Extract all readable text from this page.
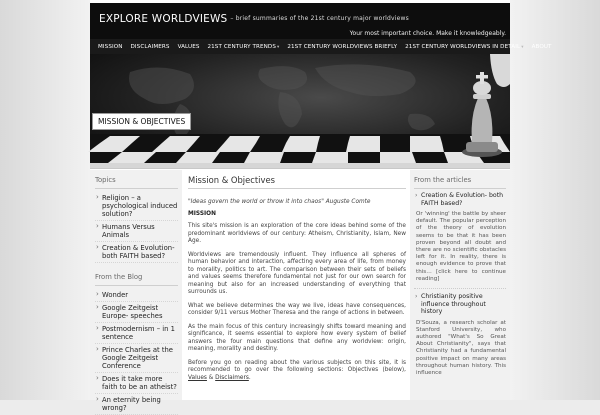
EXPLORE WORLDVIEWS – brief summaries of the 21st century major worldviews
Your most important choice. Make it knowledgeably.
MISSION	DISCLAIMERS	VALUES	21ST CENTURY TRENDS▾	21ST CENTURY WORLDVIEWS BRIEFLY	21ST CENTURY WORLDVIEWS IN DETAIL▾	ABOUT
MISSION & OBJECTIVES
Topics
› Religion – a psychological induced solution?
› Humans Versus Animals
› Creation & Evolution- both FAITH based?
From the Blog
› Wonder
› Google Zeitgeist Europe- speeches
› Postmodernism – in 1 sentence
› Prince Charles at the Google Zeitgeist Conference
› Does it take more faith to be an atheist?
› An eternity being wrong?
Mission & Objectives
"Ideas govern the world or throw it into chaos" Auguste Comte
MISSION

This site's mission is an exploration of the core ideas behind some of the predominant worldviews of our century: Atheism, Christianity, Islam, New Age.

Worldviews are tremendously influent. They influence all spheres of human behavior and interaction, affecting every area of life, from money to morality, politics to art. The comparison between their sets of beliefs and values seems therefore fundamental not just for our own search for meaning but also for an increased understanding of everything that surrounds us.

What we believe determines the way we live, ideas have consequences, consider 9/11 versus Mother Theresa and the range of actions in between.

As the main focus of this century increasingly shifts toward meaning and significance, it seems essential to explore how every system of belief answers the four main questions that define any worldview: origin, meaning, morality and destiny.

Before you go on reading about the various subjects on this site, it is recommended to go over the following sections: Objectives (below), Values & Disclaimers.

From the articles
› Creation & Evolution- both FAITH based?
Or 'winning' the battle by sheer default. The popular perception of the theory of evolution seems to be that it has been proven beyond all doubt and there are no scientific obstacles left for it. In reality, there is enough evidence to prove that this… [click here to continue reading]
› Christianity positive influence throughout history
D'Souza, a research scholar at Stanford University, who authored "What's So Great About Christianity", says that Christianity had a fundamental positive impact on many areas throughout human history. This influence
